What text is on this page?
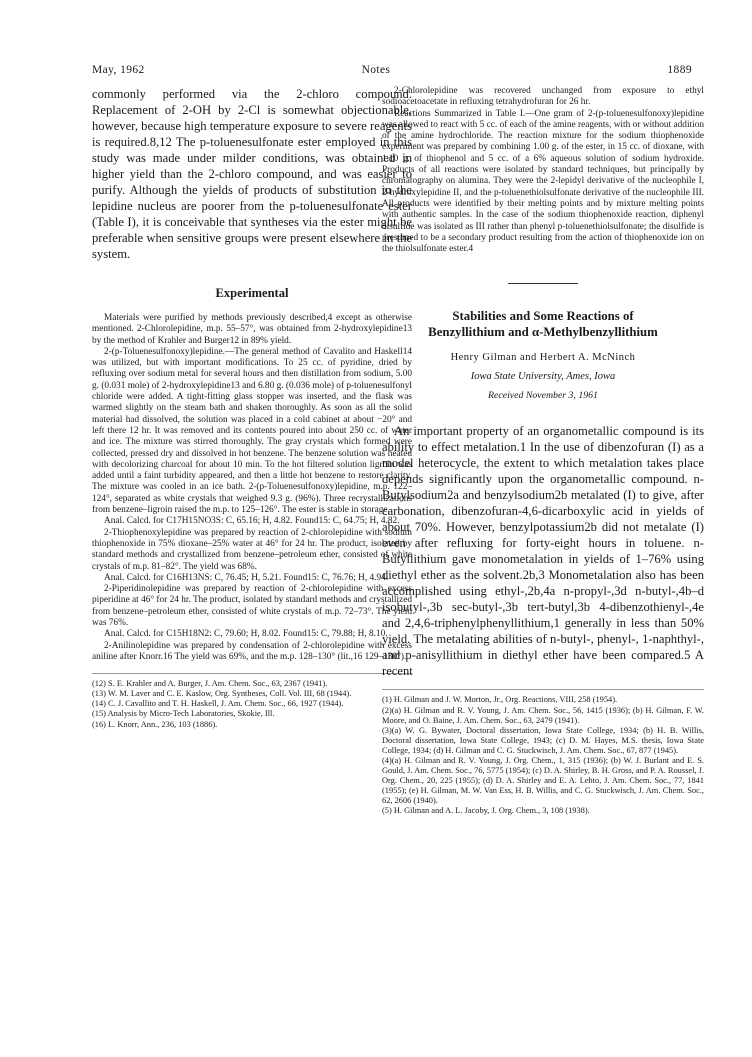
May, 1962	Notes	1889

commonly performed via the 2-chloro compound. Replacement of 2-OH by 2-Cl is somewhat objectionable, however, because high temperature exposure to severe reagents is required.8,12 The p-toluenesulfonate ester employed in this study was made under milder conditions, was obtained in higher yield than the 2-chloro compound, and was easier to purify. Although the yields of products of substitution in the lepidine nucleus are poorer from the p-toluenesulfonate ester (Table I), it is conceivable that syntheses via the ester might be preferable when sensitive groups were present elsewhere in the system.

Experimental

Materials were purified by methods previously described,4 except as otherwise mentioned. 2-Chlorolepidine, m.p. 55–57°, was obtained from 2-hydroxylepidine13 by the method of Krahler and Burger12 in 89% yield.

2-(p-Toluenesulfonoxy)lepidine.—The general method of Cavalito and Haskell14 was utilized, but with important modifications. To 25 cc. of pyridine, dried by refluxing over sodium metal for several hours and then distillation from sodium, 5.00 g. (0.031 mole) of 2-hydroxylepidine13 and 6.80 g. (0.036 mole) of p-toluenesulfonyl chloride were added. A tight-fitting glass stopper was inserted, and the flask was warmed slightly on the steam bath and shaken thoroughly. As soon as all the solid material had dissolved, the solution was placed in a cold cabinet at about −20° and left there 12 hr. It was removed and its contents poured into about 250 cc. of water and ice. The mixture was stirred thoroughly. The gray crystals which formed were collected, pressed dry and dissolved in hot benzene. The benzene solution was heated with decolorizing charcoal for about 10 min. To the hot filtered solution ligroin was added until a faint turbidity appeared, and then a little hot benzene to restore clarity. The mixture was cooled in an ice bath. 2-(p-Toluenesulfonoxy)lepidine, m.p. 122–124°, separated as white crystals that weighed 9.3 g. (96%). Three recrystallizations from benzene–ligroin raised the m.p. to 125–126°. The ester is stable in storage.

Anal. Calcd. for C17H15NO3S: C, 65.16; H, 4.82. Found15: C, 64.75; H, 4.82.

2-Thiophenoxylepidine was prepared by reaction of 2-chlorolepidine with sodium thiophenoxide in 75% dioxane–25% water at 46° for 24 hr. The product, isolated by standard methods and crystallized from benzene–petroleum ether, consisted of white crystals of m.p. 81–82°. The yield was 68%.

Anal. Calcd. for C16H13NS: C, 76.45; H, 5.21. Found15: C, 76.76; H, 4.94.

2-Piperidinolepidine was prepared by reaction of 2-chlorolepidine with excess piperidine at 46° for 24 hr. The product, isolated by standard methods and crystallized from benzene–petroleum ether, consisted of white crystals of m.p. 72–73°. The yield was 76%.

Anal. Calcd. for C15H18N2: C, 79.60; H, 8.02. Found15: C, 79.88; H, 8.10.

2-Anilinolepidine was prepared by condensation of 2-chlorolepidine with excess aniline after Knorr.16 The yield was 69%, and the m.p. 128–130° (lit.,16 129–130°).

(12) S. E. Krahler and A. Burger, J. Am. Chem. Soc., 63, 2367 (1941).

(13) W. M. Laver and C. E. Kaslow, Org. Syntheses, Coll. Vol. III, 68 (1944).

(14) C. J. Cavallito and T. H. Haskell, J. Am. Chem. Soc., 66, 1927 (1944).

(15) Analysis by Micro-Tech Laboratories, Skokie, Ill.

(16) L. Knorr, Ann., 236, 103 (1886).

2-Chlorolepidine was recovered unchanged from exposure to ethyl sodioacetoacetate in refluxing tetrahydrofuran for 26 hr.

Reactions Summarized in Table I.—One gram of 2-(p-toluenesulfonoxy)lepidine was allowed to react with 5 cc. of each of the amine reagents, with or without addition of the amine hydrochloride. The reaction mixture for the sodium thiophenoxide experiment was prepared by combining 1.00 g. of the ester, in 15 cc. of dioxane, with 1.10 g. of thiophenol and 5 cc. of a 6% aqueous solution of sodium hydroxide. Products of all reactions were isolated by standard techniques, but principally by chromatography on alumina. They were the 2-lepidyl derivative of the nucleophile I, 2-hydroxylepidine II, and the p-toluenethiolsulfonate derivative of the nucleophile III. All products were identified by their melting points and by mixture melting points with authentic samples. In the case of the sodium thiophenoxide reaction, diphenyl disulfide was isolated as III rather than phenyl p-toluenethiolsulfonate; the disulfide is presumed to be a secondary product resulting from the action of thiophenoxide ion on the thiolsulfonate ester.4

Stabilities and Some Reactions of

Benzyllithium and α-Methylbenzyllithium

Henry Gilman and Herbert A. McNinch

Iowa State University, Ames, Iowa

Received November 3, 1961

An important property of an organometallic compound is its ability to effect metalation.1 In the use of dibenzofuran (I) as a model heterocycle, the extent to which metalation takes place depends significantly upon the organometallic compound. n-Butylsodium2a and benzylsodium2b metalated (I) to give, after carbonation, dibenzofuran-4,6-dicarboxylic acid in yields of about 70%. However, benzylpotassium2b did not metalate (I) even after refluxing for forty-eight hours in toluene. n-Butyllithium gave monometalation in yields of 1–76% using diethyl ether as the solvent.2b,3 Monometalation also has been accomplished using ethyl-,2b,4a n-propyl-,3d n-butyl-,4b–d isobutyl-,3b sec-butyl-,3b tert-butyl,3b 4-dibenzothienyl-,4e and 2,4,6-triphenylphenyllithium,1 generally in less than 50% yield. The metalating abilities of n-butyl-, phenyl-, 1-naphthyl-, and p-anisyllithium in diethyl ether have been compared.5 A recent

(1) H. Gilman and J. W. Morton, Jr., Org. Reactions, VIII, 258 (1954).

(2)(a) H. Gilman and R. V. Young, J. Am. Chem. Soc., 56, 1415 (1936); (b) H. Gilman, F. W. Moore, and O. Baine, J. Am. Chem. Soc., 63, 2479 (1941).

(3)(a) W. G. Bywater, Doctoral dissertation, Iowa State College, 1934; (b) H. B. Willis, Doctoral dissertation, Iowa State College, 1943; (c) D. M. Hayes, M.S. thesis, Iowa State College, 1934; (d) H. Gilman and C. G. Stuckwisch, J. Am. Chem. Soc., 67, 877 (1945).

(4)(a) H. Gilman and R. V. Young, J. Org. Chem., 1, 315 (1936); (b) W. J. Burlant and E. S. Gould, J. Am. Chem. Soc., 76, 5775 (1954); (c) D. A. Shirley, B. H. Gross, and P. A. Roussel, J. Org. Chem., 20, 225 (1955); (d) D. A. Shirley and E. A. Lehto, J. Am. Chem. Soc., 77, 1841 (1955); (e) H. Gilman, M. W. Van Ess, H. B. Willis, and C. G. Stuckwisch, J. Am. Chem. Soc., 62, 2606 (1940).

(5) H. Gilman and A. L. Jacoby, J. Org. Chem., 3, 108 (1938).
